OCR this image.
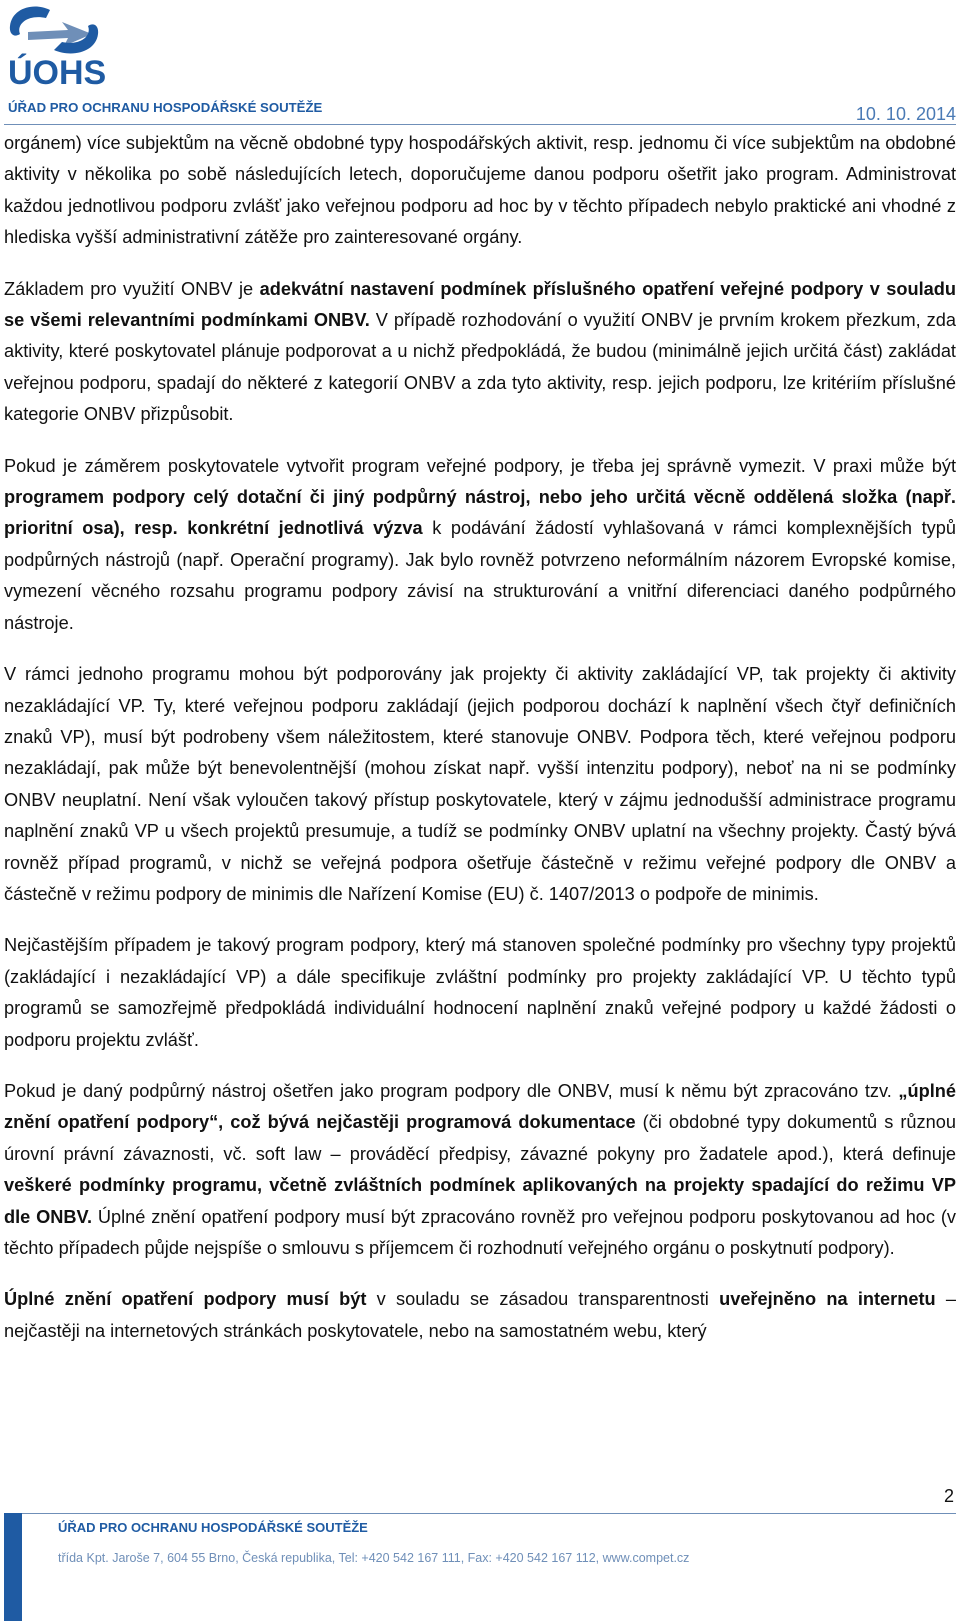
ÚOHS
ÚŘAD PRO OCHRANU HOSPODÁŘSKÉ SOUTĚŽE	10. 10. 2014

orgánem) více subjektům na věcně obdobné typy hospodářských aktivit, resp. jednomu či více subjektům na obdobné aktivity v několika po sobě následujících letech, doporučujeme danou podporu ošetřit jako program. Administrovat každou jednotlivou podporu zvlášť jako veřejnou podporu ad hoc by v těchto případech nebylo praktické ani vhodné z hlediska vyšší administrativní zátěže pro zainteresované orgány.

Základem pro využití ONBV je adekvátní nastavení podmínek příslušného opatření veřejné podpory v souladu se všemi relevantními podmínkami ONBV. V případě rozhodování o využití ONBV je prvním krokem přezkum, zda aktivity, které poskytovatel plánuje podporovat a u nichž předpokládá, že budou (minimálně jejich určitá část) zakládat veřejnou podporu, spadají do některé z kategorií ONBV a zda tyto aktivity, resp. jejich podporu, lze kritériím příslušné kategorie ONBV přizpůsobit.

Pokud je záměrem poskytovatele vytvořit program veřejné podpory, je třeba jej správně vymezit. V praxi může být programem podpory celý dotační či jiný podpůrný nástroj, nebo jeho určitá věcně oddělená složka (např. prioritní osa), resp. konkrétní jednotlivá výzva k podávání žádostí vyhlašovaná v rámci komplexnějších typů podpůrných nástrojů (např. Operační programy). Jak bylo rovněž potvrzeno neformálním názorem Evropské komise, vymezení věcného rozsahu programu podpory závisí na strukturování a vnitřní diferenciaci daného podpůrného nástroje.

V rámci jednoho programu mohou být podporovány jak projekty či aktivity zakládající VP, tak projekty či aktivity nezakládající VP. Ty, které veřejnou podporu zakládají (jejich podporou dochází k naplnění všech čtyř definičních znaků VP), musí být podrobeny všem náležitostem, které stanovuje ONBV. Podpora těch, které veřejnou podporu nezakládají, pak může být benevolentnější (mohou získat např. vyšší intenzitu podpory), neboť na ni se podmínky ONBV neuplatní. Není však vyloučen takový přístup poskytovatele, který v zájmu jednodušší administrace programu naplnění znaků VP u všech projektů presumuje, a tudíž se podmínky ONBV uplatní na všechny projekty. Častý bývá rovněž případ programů, v nichž se veřejná podpora ošetřuje částečně v režimu veřejné podpory dle ONBV a částečně v režimu podpory de minimis dle Nařízení Komise (EU) č. 1407/2013 o podpoře de minimis.

Nejčastějším případem je takový program podpory, který má stanoven společné podmínky pro všechny typy projektů (zakládající i nezakládající VP) a dále specifikuje zvláštní podmínky pro projekty zakládající VP. U těchto typů programů se samozřejmě předpokládá individuální hodnocení naplnění znaků veřejné podpory u každé žádosti o podporu projektu zvlášť.

Pokud je daný podpůrný nástroj ošetřen jako program podpory dle ONBV, musí k němu být zpracováno tzv. „úplné znění opatření podpory“, což bývá nejčastěji programová dokumentace (či obdobné typy dokumentů s různou úrovní právní závaznosti, vč. soft law – prováděcí předpisy, závazné pokyny pro žadatele apod.), která definuje veškeré podmínky programu, včetně zvláštních podmínek aplikovaných na projekty spadající do režimu VP dle ONBV. Úplné znění opatření podpory musí být zpracováno rovněž pro veřejnou podporu poskytovanou ad hoc (v těchto případech půjde nejspíše o smlouvu s příjemcem či rozhodnutí veřejného orgánu o poskytnutí podpory).

Úplné znění opatření podpory musí být v souladu se zásadou transparentnosti uveřejněno na internetu – nejčastěji na internetových stránkách poskytovatele, nebo na samostatném webu, který

2
ÚŘAD PRO OCHRANU HOSPODÁŘSKÉ SOUTĚŽE
třída Kpt. Jaroše 7, 604 55 Brno, Česká republika, Tel: +420 542 167 111, Fax: +420 542 167 112, www.compet.cz
